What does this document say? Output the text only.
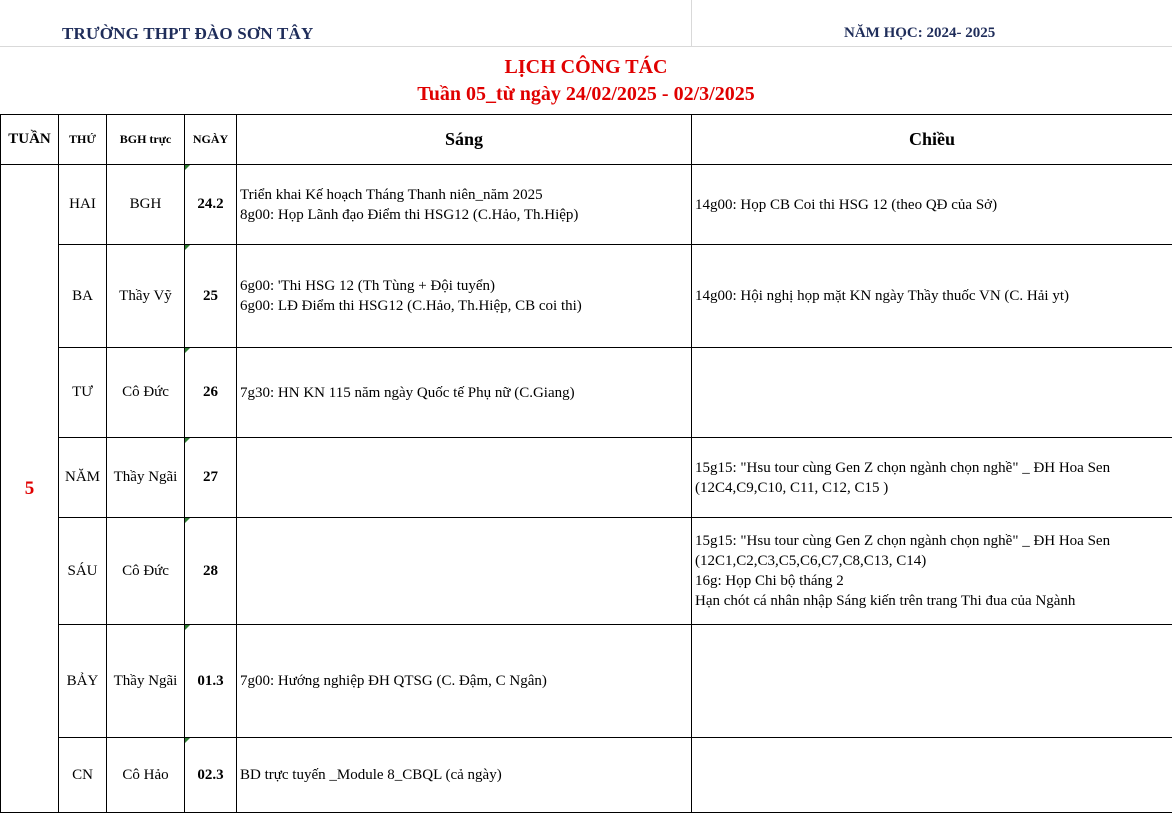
TRƯỜNG THPT ĐÀO SƠN TÂY	NĂM HỌC: 2024- 2025
LỊCH CÔNG TÁC
Tuần 05_từ ngày 24/02/2025 - 02/3/2025
TUẦN	THỨ	BGH trực	NGÀY	Sáng	Chiều
5	HAI	BGH	24.2	Triển khai Kế hoạch Tháng Thanh niên_năm 2025
8g00: Họp Lãnh đạo Điểm thi HSG12 (C.Hảo, Th.Hiệp)	14g00: Họp CB Coi thi HSG 12 (theo QĐ của Sở)

	BA	Thầy Vỹ	25	6g00: 'Thi HSG 12 (Th Tùng + Đội tuyển)
6g00: LĐ Điểm thi HSG12 (C.Hảo, Th.Hiệp, CB coi thi)	14g00: Hội nghị họp mặt KN ngày Thầy thuốc VN (C. Hải yt)

	TƯ	Cô Đức	26	7g30: HN KN 115 năm ngày Quốc tế Phụ nữ (C.Giang)	

	NĂM	Thầy Ngãi	27		15g15: "Hsu tour cùng Gen Z chọn ngành chọn nghề" _ ĐH Hoa Sen
(12C4,C9,C10, C11, C12, C15 )

	SÁU	Cô Đức	28		15g15: "Hsu tour cùng Gen Z chọn ngành chọn nghề" _ ĐH Hoa Sen
(12C1,C2,C3,C5,C6,C7,C8,C13, C14)
16g: Họp Chi bộ tháng 2
Hạn chót cá nhân nhập Sáng kiến trên trang Thi đua của Ngành

	BẢY	Thầy Ngãi	01.3	7g00: Hướng nghiệp ĐH QTSG (C. Đậm, C Ngân)	

	CN	Cô Hảo	02.3	BD trực tuyến _Module 8_CBQL (cả ngày)	
